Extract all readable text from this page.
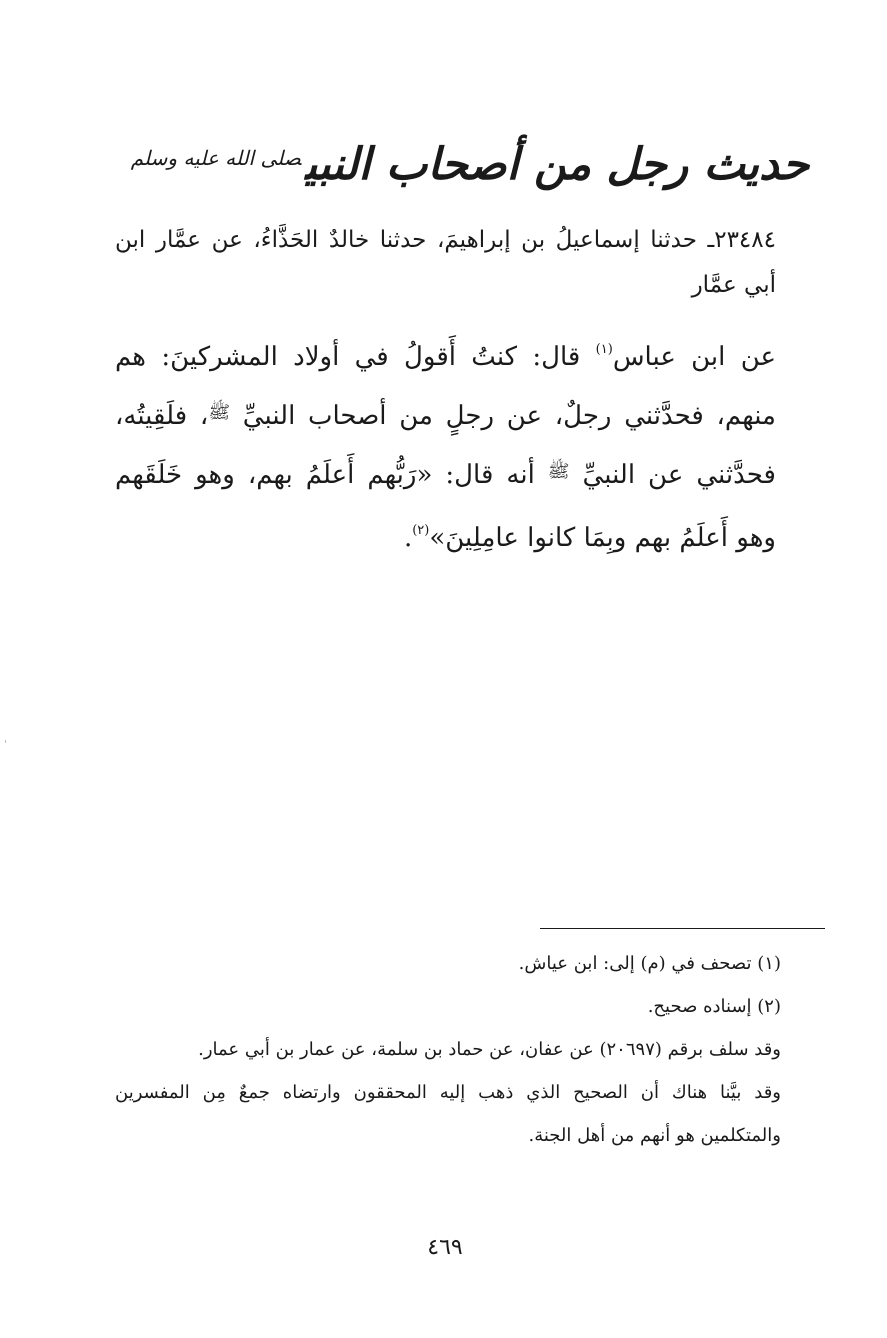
حديث رجل من أصحاب النبي$^{صلى الله عليه وسلم}$

٢٣٤٨٤ـ حدثنا إسماعيلُ بن إبراهيمَ، حدثنا خالدٌ الحَذَّاءُ، عن عمَّار ابن أبي عمَّار

عن ابن عباس$^{(١)}$ قال: كنتُ أَقولُ في أولاد المشركينَ: هم منهم، فحدَّثني رجلٌ، عن رجلٍ من أصحاب النبيِّ $^ﷺ$، فلَقِيتُه، فحدَّثني عن النبيِّ $^ﷺ$ أنه قال: «رَبُّهم أَعلَمُ بهم، وهو خَلَقَهم وهو أَعلَمُ بهم وبِمَا كانوا عامِلِينَ»$^{(٢)}$.

(١) تصحف في (م) إلى: ابن عياش.

(٢) إسناده صحيح.

وقد سلف برقم (٢٠٦٩٧) عن عفان، عن حماد بن سلمة، عن عمار بن أبي عمار.

وقد بيَّنا هناك أن الصحيح الذي ذهب إليه المحققون وارتضاه جمعٌ مِن المفسرين والمتكلمين هو أنهم من أهل الجنة.

٤٦٩
